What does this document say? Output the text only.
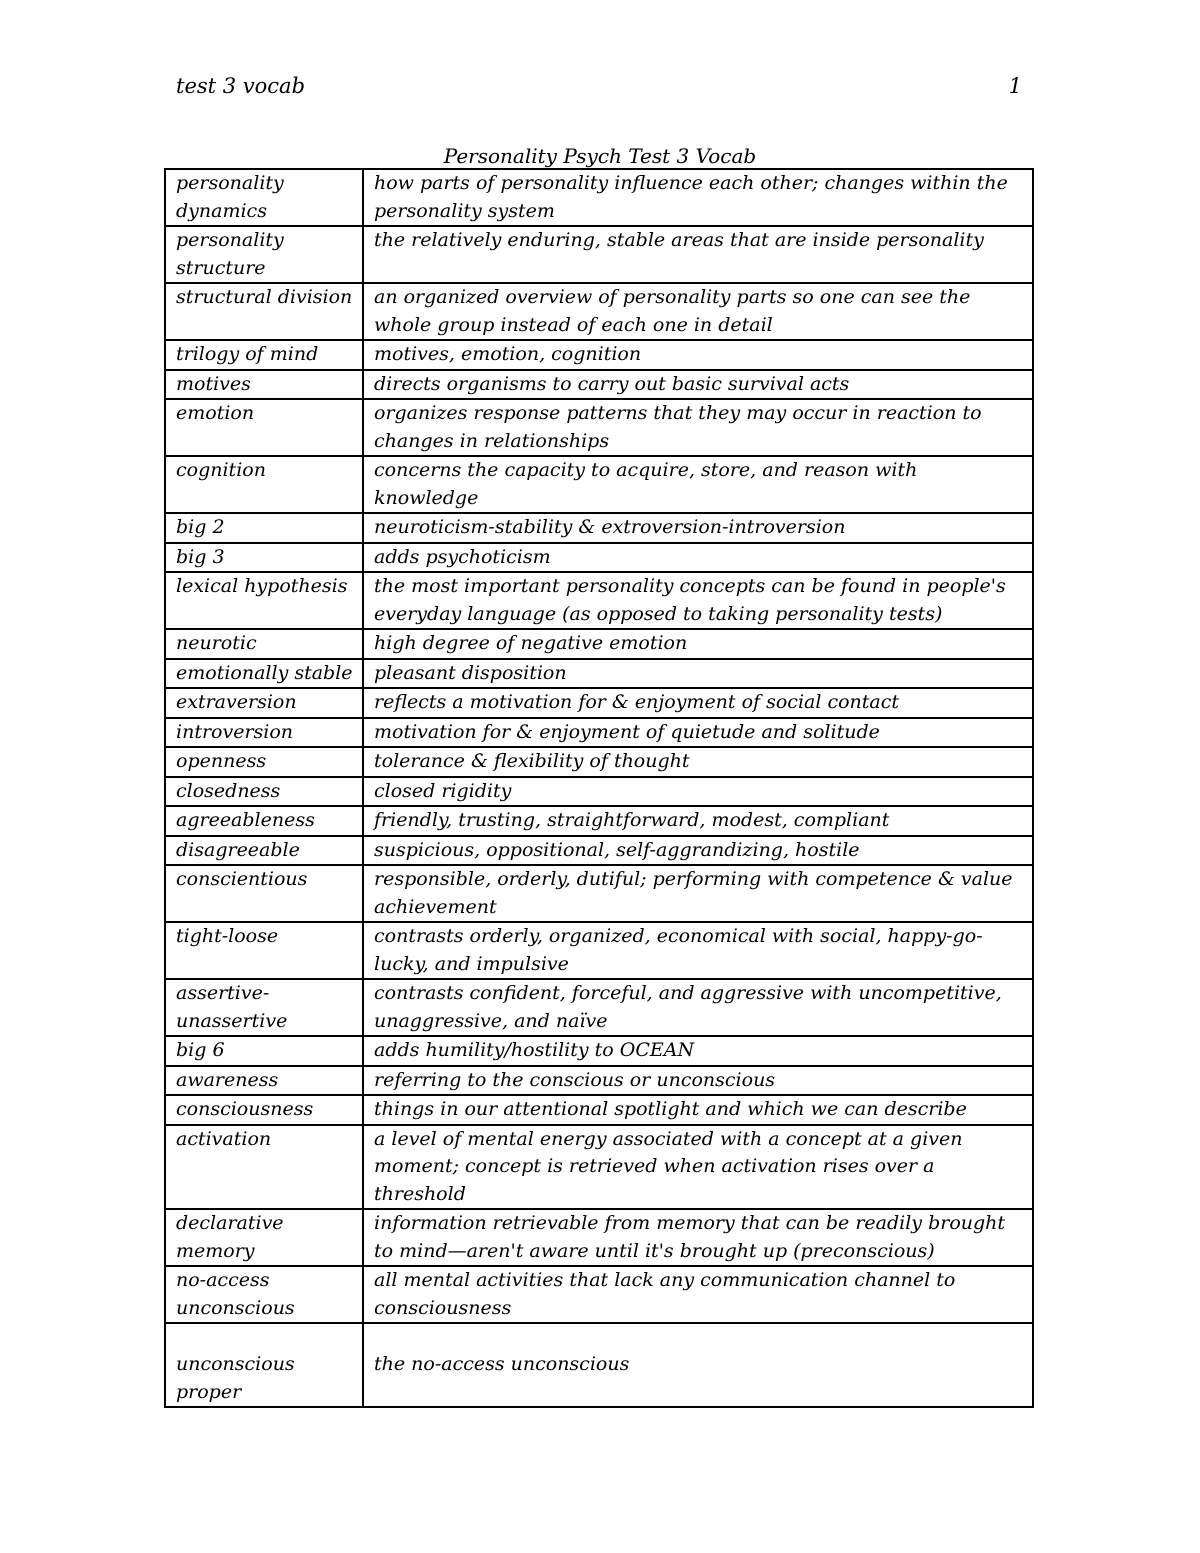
test 3 vocab	1
Personality Psych Test 3 Vocab
personality dynamics	how parts of personality influence each other; changes within the personality system
personality structure	the relatively enduring, stable areas that are inside personality
structural division	an organized overview of personality parts so one can see the whole group instead of each one in detail
trilogy of mind	motives, emotion, cognition
motives	directs organisms to carry out basic survival acts
emotion	organizes response patterns that they may occur in reaction to changes in relationships
cognition	concerns the capacity to acquire, store, and reason with knowledge
big 2	neuroticism-stability & extroversion-introversion
big 3	adds psychoticism
lexical hypothesis	the most important personality concepts can be found in people's everyday language (as opposed to taking personality tests)
neurotic	high degree of negative emotion
emotionally stable	pleasant disposition
extraversion	reflects a motivation for & enjoyment of social contact
introversion	motivation for & enjoyment of quietude and solitude
openness	tolerance & flexibility of thought
closedness	closed rigidity
agreeableness	friendly, trusting, straightforward, modest, compliant
disagreeable	suspicious, oppositional, self-aggrandizing, hostile
conscientious	responsible, orderly, dutiful; performing with competence & value achievement
tight-loose	contrasts orderly, organized, economical with social, happy-go-lucky, and impulsive
assertive-unassertive	contrasts confident, forceful, and aggressive with uncompetitive, unaggressive, and naïve
big 6	adds humility/hostility to OCEAN
awareness	referring to the conscious or unconscious
consciousness	things in our attentional spotlight and which we can describe
activation	a level of mental energy associated with a concept at a given moment; concept is retrieved when activation rises over a threshold
declarative memory	information retrievable from memory that can be readily brought to mind—aren't aware until it's brought up (preconscious)
no-access unconscious	all mental activities that lack any communication channel to consciousness

unconscious proper	the no-access unconscious
